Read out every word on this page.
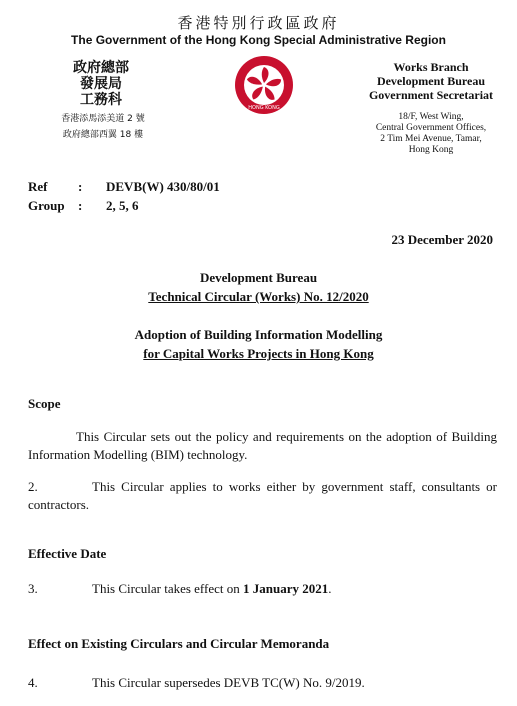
香港特別行政區政府
The Government of the Hong Kong Special Administrative Region
政府總部
發展局
工務科
香港添馬添美道 2 號
政府總部西翼 18 樓
HONG KONG
Works Branch
Development Bureau
Government Secretariat
18/F, West Wing,
Central Government Offices,
2 Tim Mei Avenue, Tamar,
Hong Kong
Ref : DEVB(W) 430/80/01
Group : 2, 5, 6
23 December 2020
Development Bureau
Technical Circular (Works) No. 12/2020
Adoption of Building Information Modelling
for Capital Works Projects in Hong Kong
Scope
This Circular sets out the policy and requirements on the adoption of Building Information Modelling (BIM) technology.
2.	This Circular applies to works either by government staff, consultants or contractors.
Effective Date
3.	This Circular takes effect on 1 January 2021.
Effect on Existing Circulars and Circular Memoranda
4.	This Circular supersedes DEVB TC(W) No. 9/2019.
